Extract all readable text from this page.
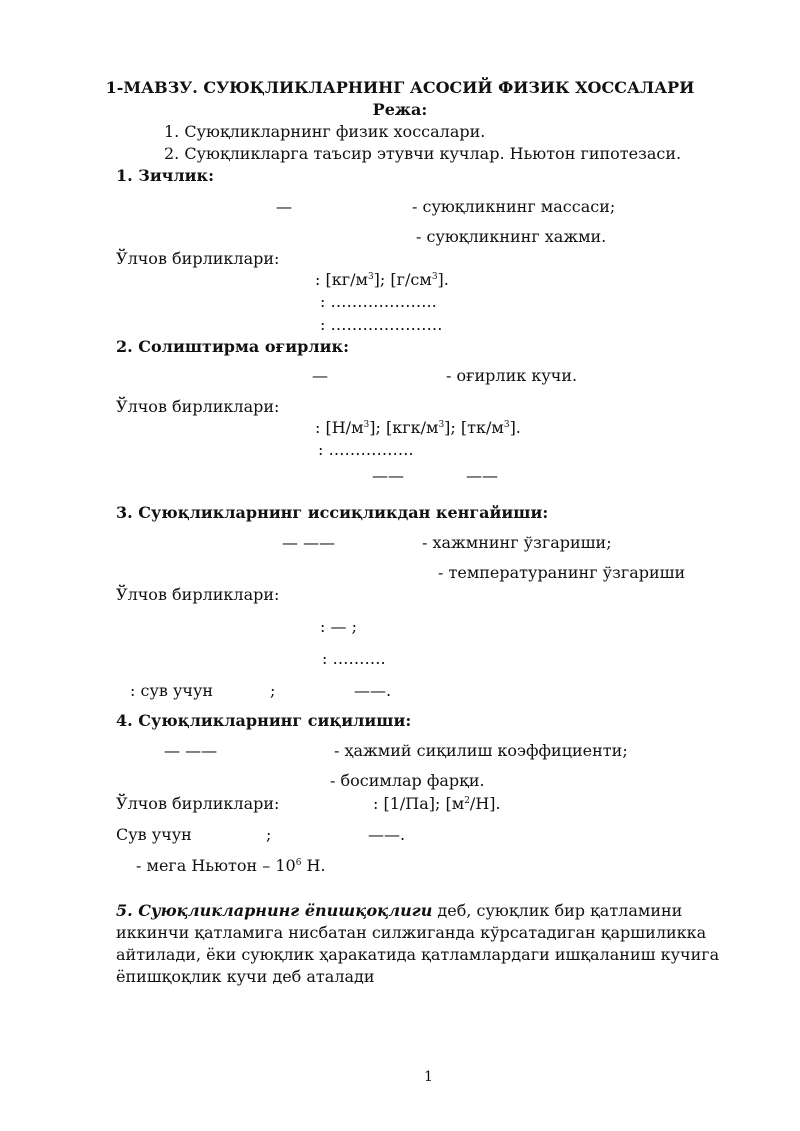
1-МАВЗУ. СУЮҚЛИКЛАРНИНГ АСОСИЙ ФИЗИК ХОССАЛАРИ
Режа:
1. Суюқликларнинг физик хоссалари.
2. Суюқликларга таъсир этувчи кучлар. Ньютон гипотезаси.
1. Зичлик:
—	- суюқликнинг массаси;
- суюқликнинг хажми.
Ўлчов бирликлари:
: $[кг/м^3]$; $[г/см^3]$.
: ………………..
: …………………
2. Солиштирма оғирлик:
—	- оғирлик кучи.
Ўлчов бирликлари:
: $[Н/м^3]$; $[кгк/м^3]$; $[тк/м^3]$.
: …………….
——	——
3. Суюқликларнинг иссиқликдан кенгайиши:
— ——	- хажмнинг ўзгариши;
- температуранинг ўзгариши
Ўлчов бирликлари:
: — ;
: ……….
: сув учун	;	——.
4. Суюқликларнинг сиқилиши:
— ——	- ҳажмий сиқилиш коэффициенти;
- босимлар фарқи.
Ўлчов бирликлари:	: [1/Па]; $[м^2/Н]$.
Сув учун	;	——.
- мега Ньютон – $10^6$ Н.
5. Суюқликларнинг ёпишқоқлиги деб, суюқлик бир қатламини иккинчи қатламига нисбатан силжиганда кўрсатадиган қаршиликка айтилади, ёки суюқлик ҳаракатида қатламлардаги ишқаланиш кучига ёпишқоқлик кучи деб аталади
1
